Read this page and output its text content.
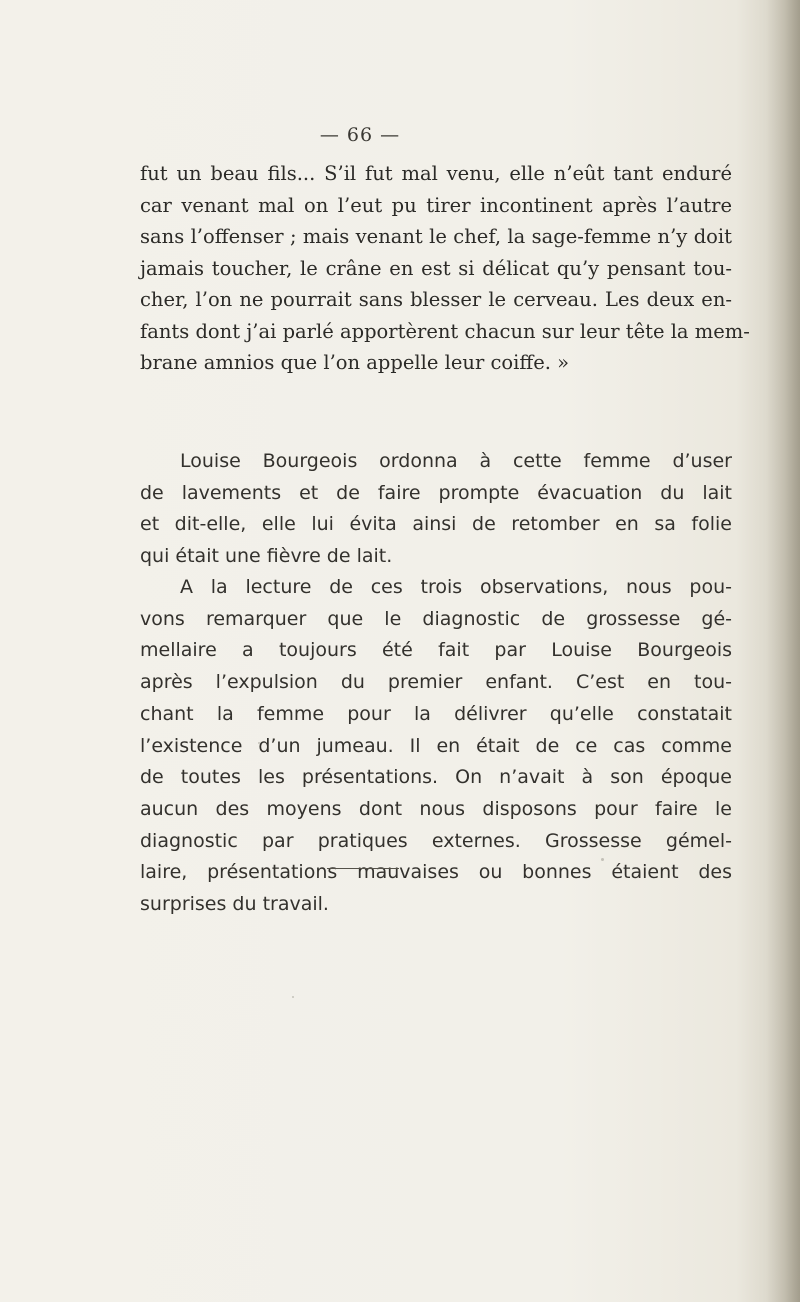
— 66 —
fut un beau fils... S’il fut mal venu, elle n’eût tant enduré
car venant mal on l’eut pu tirer incontinent après l’autre
sans l’offenser ; mais venant le chef, la sage-femme n’y doit
jamais toucher, le crâne en est si délicat qu’y pensant tou-
cher, l’on ne pourrait sans blesser le cerveau. Les deux en-
fants dont j’ai parlé apportèrent chacun sur leur tête la mem-
brane amnios que l’on appelle leur coiffe. »
Louise Bourgeois ordonna à cette femme d’user
de lavements et de faire prompte évacuation du lait
et dit-elle, elle lui évita ainsi de retomber en sa folie
qui était une fièvre de lait.
A la lecture de ces trois observations, nous pou-
vons remarquer que le diagnostic de grossesse gé-
mellaire a toujours été fait par Louise Bourgeois
après l’expulsion du premier enfant. C’est en tou-
chant la femme pour la délivrer qu’elle constatait
l’existence d’un jumeau. Il en était de ce cas comme
de toutes les présentations. On n’avait à son époque
aucun des moyens dont nous disposons pour faire le
diagnostic par pratiques externes. Grossesse gémel-
laire, présentations mauvaises ou bonnes étaient des
surprises du travail.
